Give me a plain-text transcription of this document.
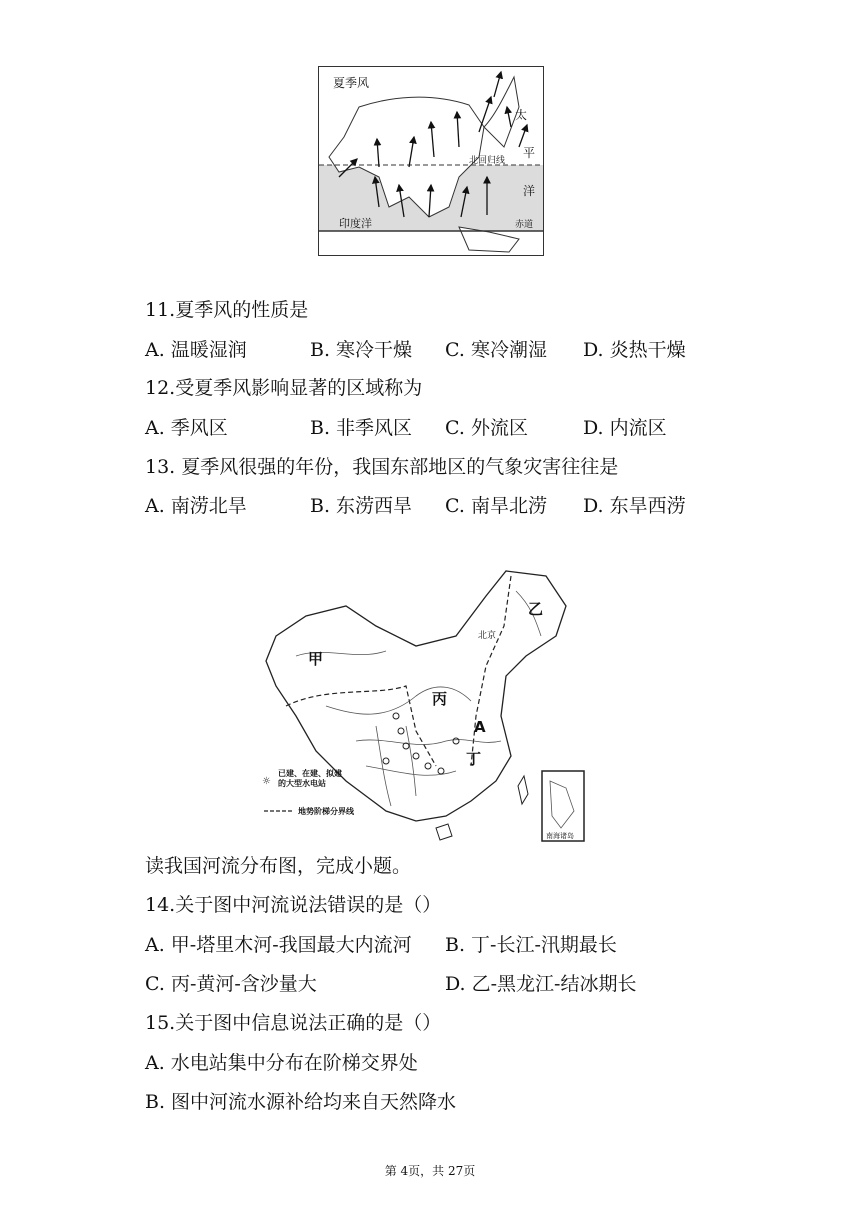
夏季风
太
平
洋
北回归线
印度洋	赤道
11.夏季风的性质是
A. 温暖湿润	B. 寒冷干燥 C. 寒冷潮湿 D. 炎热干燥
12.受夏季风影响显著的区域称为
A. 季风区	B. 非季风区 C. 外流区	D. 内流区
13. 夏季风很强的年份，我国东部地区的气象灾害往往是
A. 南涝北旱	B. 东涝西旱 C. 南旱北涝 D. 东旱西涝
南海诸岛
甲
乙
丙
A
丁
北京
☼
已建、在建、拟建的大型水电站
地势阶梯分界线
读我国河流分布图，完成小题。
14.关于图中河流说法错误的是（）
A. 甲-塔里木河-我国最大内流河 B. 丁-长江-汛期最长
C. 丙-黄河-含沙量大	D. 乙-黑龙江-结冰期长
15.关于图中信息说法正确的是（）
A. 水电站集中分布在阶梯交界处
B. 图中河流水源补给均来自天然降水
第 4页，共 27页
